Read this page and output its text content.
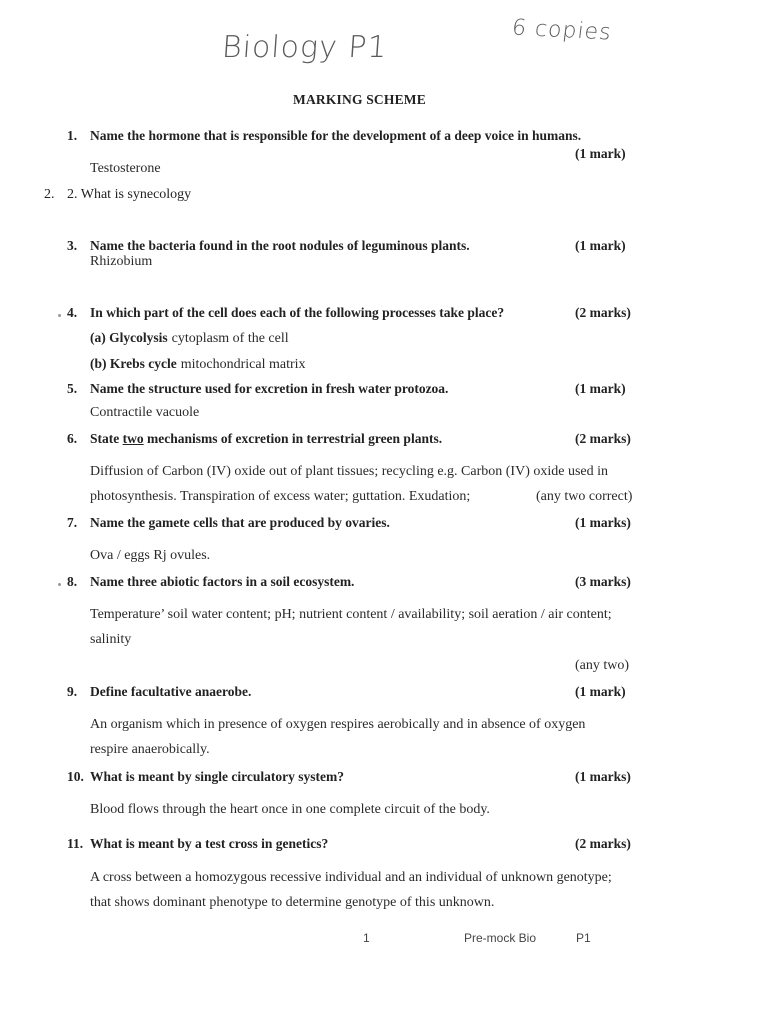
Biology P1	6 copies
MARKING SCHEME
1. Name the hormone that is responsible for the development of a deep voice in humans.
(1 mark)
Testosterone
2. 2. What is synecology
3. Name the bacteria found in the root nodules of leguminous plants.	(1 mark)
Rhizobium
4. In which part of the cell does each of the following processes take place?	(2 marks)
(a) Glycolysis cytoplasm of the cell
(b) Krebs cycle mitochondrical matrix
5. Name the structure used for excretion in fresh water protozoa.	(1 mark)
Contractile vacuole
6. State two mechanisms of excretion in terrestrial green plants.	(2 marks)
Diffusion of Carbon (IV) oxide out of plant tissues; recycling e.g. Carbon (IV) oxide used in
photosynthesis. Transpiration of excess water; guttation. Exudation;	(any two correct)
7. Name the gamete cells that are produced by ovaries.	(1 marks)
Ova / eggs Rj ovules.
8. Name three abiotic factors in a soil ecosystem.	(3 marks)
Temperature’ soil water content; pH; nutrient content / availability; soil aeration / air content;
salinity
(any two)
9. Define facultative anaerobe.	(1 mark)
An organism which in presence of oxygen respires aerobically and in absence of oxygen
respire anaerobically.
10. What is meant by single circulatory system?	(1 marks)
Blood flows through the heart once in one complete circuit of the body.
11. What is meant by a test cross in genetics?	(2 marks)
A cross between a homozygous recessive individual and an individual of unknown genotype;
that shows dominant phenotype to determine genotype of this unknown.
1	Pre-mock Bio	P1
